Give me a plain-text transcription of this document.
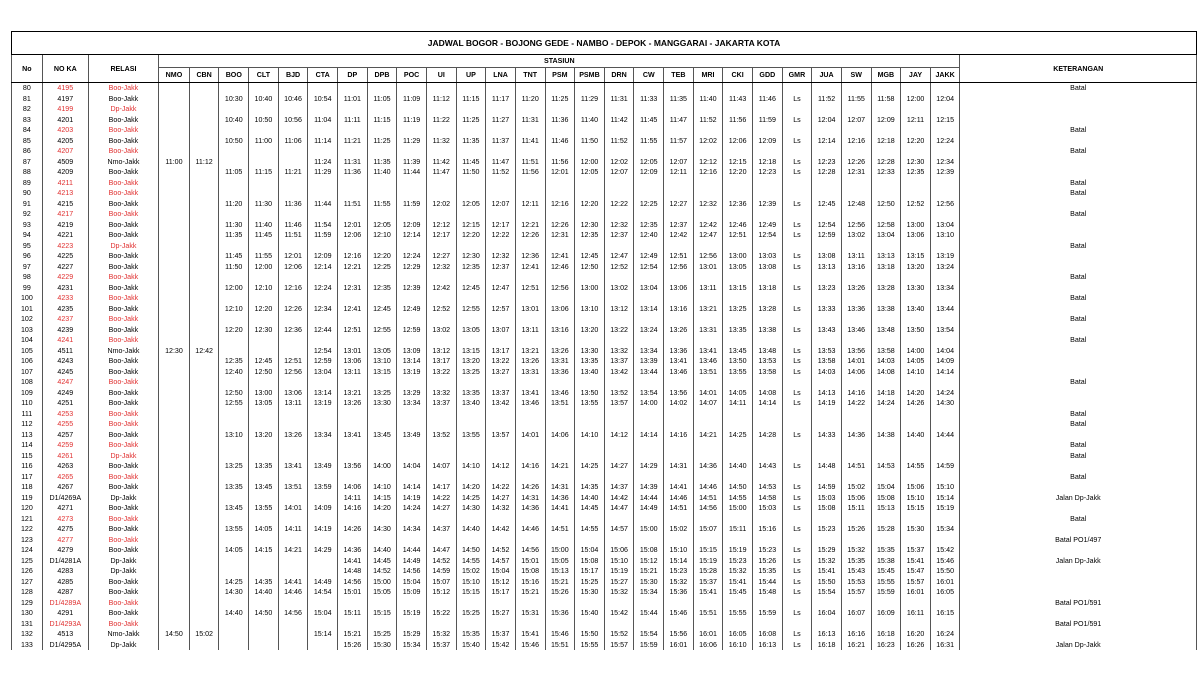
JADWAL BOGOR - BOJONG GEDE - NAMBO - DEPOK - MANGGARAI - JAKARTA KOTA																														
No	NO KA	RELASI	STASIUN																											KETERANGAN
			NMO	CBN	BOO	CLT	BJD	CTA	DP	DPB	POC	UI	UP	LNA	TNT	PSM	PSMB	DRN	CW	TEB	MRI	CKI	GDD	GMR	JUA	SW	MGB	JAY	JAKK	
80	4195	Boo-Jakk																												Batal
81	4197	Boo-Jakk			10:30	10:40	10:46	10:54	11:01	11:05	11:09	11:12	11:15	11:17	11:20	11:25	11:29	11:31	11:33	11:35	11:40	11:43	11:46	Ls	11:52	11:55	11:58	12:00	12:04	
82	4199	Dp-Jakk																												
83	4201	Boo-Jakk			10:40	10:50	10:56	11:04	11:11	11:15	11:19	11:22	11:25	11:27	11:31	11:36	11:40	11:42	11:45	11:47	11:52	11:56	11:59	Ls	12:04	12:07	12:09	12:11	12:15	
84	4203	Boo-Jakk																												Batal
85	4205	Boo-Jakk			10:50	11:00	11:06	11:14	11:21	11:25	11:29	11:32	11:35	11:37	11:41	11:46	11:50	11:52	11:55	11:57	12:02	12:06	12:09	Ls	12:14	12:16	12:18	12:20	12:24	
86	4207	Boo-Jakk																												Batal
87	4509	Nmo-Jakk	11:00	11:12				11:24	11:31	11:35	11:39	11:42	11:45	11:47	11:51	11:56	12:00	12:02	12:05	12:07	12:12	12:15	12:18	Ls	12:23	12:26	12:28	12:30	12:34	
88	4209	Boo-Jakk			11:05	11:15	11:21	11:29	11:36	11:40	11:44	11:47	11:50	11:52	11:56	12:01	12:05	12:07	12:09	12:11	12:16	12:20	12:23	Ls	12:28	12:31	12:33	12:35	12:39	
89	4211	Boo-Jakk																												Batal
90	4213	Boo-Jakk																												Batal
91	4215	Boo-Jakk			11:20	11:30	11:36	11:44	11:51	11:55	11:59	12:02	12:05	12:07	12:11	12:16	12:20	12:22	12:25	12:27	12:32	12:36	12:39	Ls	12:45	12:48	12:50	12:52	12:56	
92	4217	Boo-Jakk																												Batal
93	4219	Boo-Jakk			11:30	11:40	11:46	11:54	12:01	12:05	12:09	12:12	12:15	12:17	12:21	12:26	12:30	12:32	12:35	12:37	12:42	12:46	12:49	Ls	12:54	12:56	12:58	13:00	13:04	
94	4221	Boo-Jakk			11:35	11:45	11:51	11:59	12:06	12:10	12:14	12:17	12:20	12:22	12:26	12:31	12:35	12:37	12:40	12:42	12:47	12:51	12:54	Ls	12:59	13:02	13:04	13:06	13:10	
95	4223	Dp-Jakk																												Batal
96	4225	Boo-Jakk			11:45	11:55	12:01	12:09	12:16	12:20	12:24	12:27	12:30	12:32	12:36	12:41	12:45	12:47	12:49	12:51	12:56	13:00	13:03	Ls	13:08	13:11	13:13	13:15	13:19	
97	4227	Boo-Jakk			11:50	12:00	12:06	12:14	12:21	12:25	12:29	12:32	12:35	12:37	12:41	12:46	12:50	12:52	12:54	12:56	13:01	13:05	13:08	Ls	13:13	13:16	13:18	13:20	13:24	
98	4229	Boo-Jakk																												Batal
99	4231	Boo-Jakk			12:00	12:10	12:16	12:24	12:31	12:35	12:39	12:42	12:45	12:47	12:51	12:56	13:00	13:02	13:04	13:06	13:11	13:15	13:18	Ls	13:23	13:26	13:28	13:30	13:34	
100	4233	Boo-Jakk																												Batal
101	4235	Boo-Jakk			12:10	12:20	12:26	12:34	12:41	12:45	12:49	12:52	12:55	12:57	13:01	13:06	13:10	13:12	13:14	13:16	13:21	13:25	13:28	Ls	13:33	13:36	13:38	13:40	13:44	
102	4237	Boo-Jakk																												Batal
103	4239	Boo-Jakk			12:20	12:30	12:36	12:44	12:51	12:55	12:59	13:02	13:05	13:07	13:11	13:16	13:20	13:22	13:24	13:26	13:31	13:35	13:38	Ls	13:43	13:46	13:48	13:50	13:54	
104	4241	Boo-Jakk																												Batal
105	4511	Nmo-Jakk	12:30	12:42				12:54	13:01	13:05	13:09	13:12	13:15	13:17	13:21	13:26	13:30	13:32	13:34	13:36	13:41	13:45	13:48	Ls	13:53	13:56	13:58	14:00	14:04	
106	4243	Boo-Jakk			12:35	12:45	12:51	12:59	13:06	13:10	13:14	13:17	13:20	13:22	13:26	13:31	13:35	13:37	13:39	13:41	13:46	13:50	13:53	Ls	13:58	14:01	14:03	14:05	14:09	
107	4245	Boo-Jakk			12:40	12:50	12:56	13:04	13:11	13:15	13:19	13:22	13:25	13:27	13:31	13:36	13:40	13:42	13:44	13:46	13:51	13:55	13:58	Ls	14:03	14:06	14:08	14:10	14:14	
108	4247	Boo-Jakk																												Batal
109	4249	Boo-Jakk			12:50	13:00	13:06	13:14	13:21	13:25	13:29	13:32	13:35	13:37	13:41	13:46	13:50	13:52	13:54	13:56	14:01	14:05	14:08	Ls	14:13	14:16	14:18	14:20	14:24	
110	4251	Boo-Jakk			12:55	13:05	13:11	13:19	13:26	13:30	13:34	13:37	13:40	13:42	13:46	13:51	13:55	13:57	14:00	14:02	14:07	14:11	14:14	Ls	14:19	14:22	14:24	14:26	14:30	
111	4253	Boo-Jakk																												Batal
112	4255	Boo-Jakk																												Batal
113	4257	Boo-Jakk			13:10	13:20	13:26	13:34	13:41	13:45	13:49	13:52	13:55	13:57	14:01	14:06	14:10	14:12	14:14	14:16	14:21	14:25	14:28	Ls	14:33	14:36	14:38	14:40	14:44	
114	4259	Boo-Jakk																												Batal
115	4261	Dp-Jakk																												Batal
116	4263	Boo-Jakk			13:25	13:35	13:41	13:49	13:56	14:00	14:04	14:07	14:10	14:12	14:16	14:21	14:25	14:27	14:29	14:31	14:36	14:40	14:43	Ls	14:48	14:51	14:53	14:55	14:59	
117	4265	Boo-Jakk																												Batal
118	4267	Boo-Jakk			13:35	13:45	13:51	13:59	14:06	14:10	14:14	14:17	14:20	14:22	14:26	14:31	14:35	14:37	14:39	14:41	14:46	14:50	14:53	Ls	14:59	15:02	15:04	15:06	15:10	
119	D1/4269A	Dp-Jakk							14:11	14:15	14:19	14:22	14:25	14:27	14:31	14:36	14:40	14:42	14:44	14:46	14:51	14:55	14:58	Ls	15:03	15:06	15:08	15:10	15:14	Jalan Dp-Jakk
120	4271	Boo-Jakk			13:45	13:55	14:01	14:09	14:16	14:20	14:24	14:27	14:30	14:32	14:36	14:41	14:45	14:47	14:49	14:51	14:56	15:00	15:03	Ls	15:08	15:11	15:13	15:15	15:19	
121	4273	Boo-Jakk																												Batal
122	4275	Boo-Jakk			13:55	14:05	14:11	14:19	14:26	14:30	14:34	14:37	14:40	14:42	14:46	14:51	14:55	14:57	15:00	15:02	15:07	15:11	15:16	Ls	15:23	15:26	15:28	15:30	15:34	
123	4277	Boo-Jakk																												Batal PO1/497
124	4279	Boo-Jakk			14:05	14:15	14:21	14:29	14:36	14:40	14:44	14:47	14:50	14:52	14:56	15:00	15:04	15:06	15:08	15:10	15:15	15:19	15:23	Ls	15:29	15:32	15:35	15:37	15:42	
125	D1/4281A	Dp-Jakk							14:41	14:45	14:49	14:52	14:55	14:57	15:01	15:05	15:08	15:10	15:12	15:14	15:19	15:23	15:26	Ls	15:32	15:35	15:38	15:41	15:46	Jalan Dp-Jakk
126	4283	Dp-Jakk							14:48	14:52	14:56	14:59	15:02	15:04	15:08	15:13	15:17	15:19	15:21	15:23	15:28	15:32	15:35	Ls	15:41	15:43	15:45	15:47	15:50	
127	4285	Boo-Jakk			14:25	14:35	14:41	14:49	14:56	15:00	15:04	15:07	15:10	15:12	15:16	15:21	15:25	15:27	15:30	15:32	15:37	15:41	15:44	Ls	15:50	15:53	15:55	15:57	16:01	
128	4287	Boo-Jakk			14:30	14:40	14:46	14:54	15:01	15:05	15:09	15:12	15:15	15:17	15:21	15:26	15:30	15:32	15:34	15:36	15:41	15:45	15:48	Ls	15:54	15:57	15:59	16:01	16:05	
129	D1/4289A	Boo-Jakk																												Batal PO1/591
130	4291	Boo-Jakk			14:40	14:50	14:56	15:04	15:11	15:15	15:19	15:22	15:25	15:27	15:31	15:36	15:40	15:42	15:44	15:46	15:51	15:55	15:59	Ls	16:04	16:07	16:09	16:11	16:15	
131	D1/4293A	Boo-Jakk																												Batal PO1/591
132	4513	Nmo-Jakk	14:50	15:02				15:14	15:21	15:25	15:29	15:32	15:35	15:37	15:41	15:46	15:50	15:52	15:54	15:56	16:01	16:05	16:08	Ls	16:13	16:16	16:18	16:20	16:24	
133	D1/4295A	Dp-Jakk							15:26	15:30	15:34	15:37	15:40	15:42	15:46	15:51	15:55	15:57	15:59	16:01	16:06	16:10	16:13	Ls	16:18	16:21	16:23	16:26	16:31	Jalan Dp-Jakk
